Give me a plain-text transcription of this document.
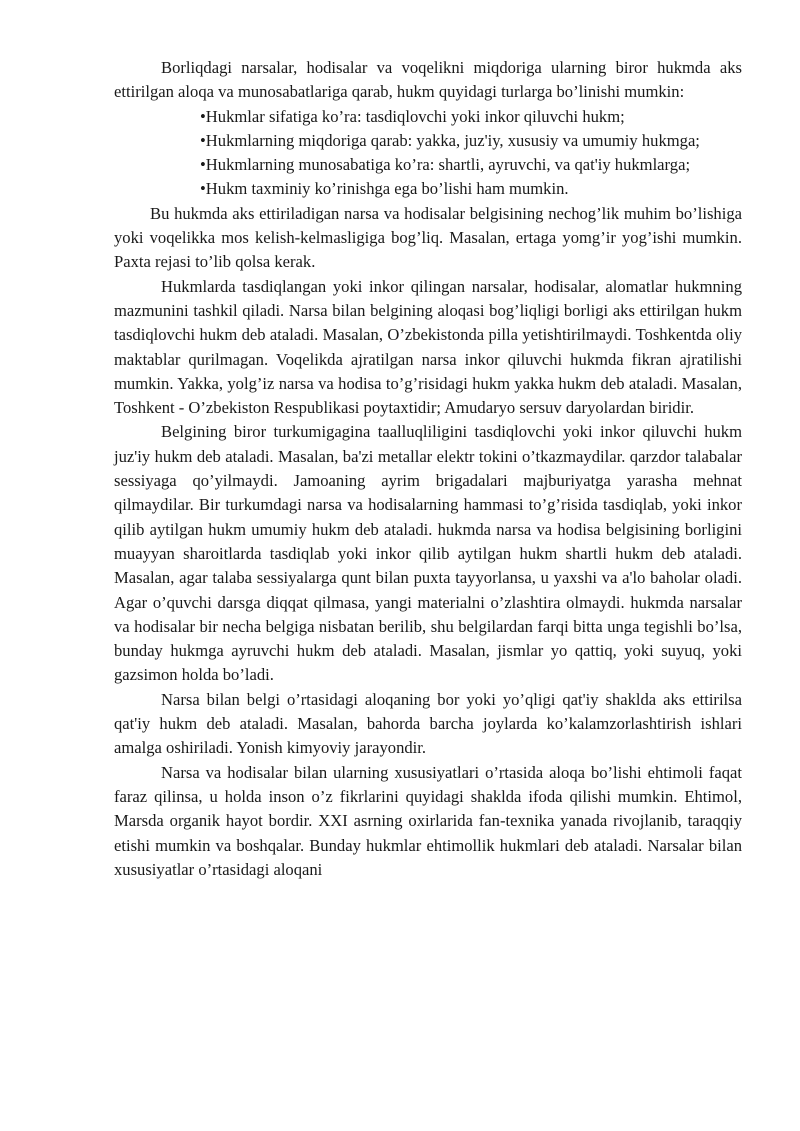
Borliqdagi narsalar, hodisalar va voqelikni miqdoriga ularning biror hukmda aks ettirilgan aloqa va munosabatlariga qarab, hukm quyidagi turlarga bo’linishi mumkin:

•Hukmlar sifatiga ko’ra: tasdiqlovchi yoki inkor qiluvchi hukm;

•Hukmlarning miqdoriga qarab: yakka, juz'iy, xususiy va umumiy hukmga;

•Hukmlarning munosabatiga ko’ra: shartli, ayruvchi, va qat'iy hukmlarga;

•Hukm taxminiy ko’rinishga ega bo’lishi ham mumkin.

Bu hukmda aks ettiriladigan narsa va hodisalar belgisining nechog’lik muhim bo’lishiga yoki voqelikka mos kelish-kelmasligiga bog’liq. Masalan, ertaga yomg’ir yog’ishi mumkin. Paxta rejasi to’lib qolsa kerak.

Hukmlarda tasdiqlangan yoki inkor qilingan narsalar, hodisalar, alomatlar hukmning mazmunini tashkil qiladi. Narsa bilan belgining aloqasi bog’liqligi borligi aks ettirilgan hukm tasdiqlovchi hukm deb ataladi. Masalan, O’zbekistonda pilla yetishtirilmaydi. Toshkentda oliy maktablar qurilmagan. Voqelikda ajratilgan narsa inkor qiluvchi hukmda fikran ajratilishi mumkin. Yakka, yolg’iz narsa va hodisa to’g’risidagi hukm yakka hukm deb ataladi. Masalan, Toshkent - O’zbekiston Respublikasi poytaxtidir; Amudaryo sersuv daryolardan biridir.

Belgining biror turkumigagina taalluqliligini tasdiqlovchi yoki inkor qiluvchi hukm juz'iy hukm deb ataladi. Masalan, ba'zi metallar elektr tokini o’tkazmaydilar. qarzdor talabalar sessiyaga qo’yilmaydi. Jamoaning ayrim brigadalari majburiyatga yarasha mehnat qilmaydilar. Bir turkumdagi narsa va hodisalarning hammasi to’g’risida tasdiqlab, yoki inkor qilib aytilgan hukm umumiy hukm deb ataladi. hukmda narsa va hodisa belgisining borligini muayyan sharoitlarda tasdiqlab yoki inkor qilib aytilgan hukm shartli hukm deb ataladi. Masalan, agar talaba sessiyalarga qunt bilan puxta tayyorlansa, u yaxshi va a'lo baholar oladi. Agar o’quvchi darsga diqqat qilmasa, yangi materialni o’zlashtira olmaydi. hukmda narsalar va hodisalar bir necha belgiga nisbatan berilib, shu belgilardan farqi bitta unga tegishli bo’lsa, bunday hukmga ayruvchi hukm deb ataladi. Masalan, jismlar yo qattiq, yoki suyuq, yoki gazsimon holda bo’ladi.

Narsa bilan belgi o’rtasidagi aloqaning bor yoki yo’qligi qat'iy shaklda aks ettirilsa qat'iy hukm deb ataladi. Masalan, bahorda barcha joylarda ko’kalamzorlashtirish ishlari amalga oshiriladi. Yonish kimyoviy jarayondir.

Narsa va hodisalar bilan ularning xususiyatlari o’rtasida aloqa bo’lishi ehtimoli faqat faraz qilinsa, u holda inson o’z fikrlarini quyidagi shaklda ifoda qilishi mumkin. Ehtimol, Marsda organik hayot bordir. XXI asrning oxirlarida fan-texnika yanada rivojlanib, taraqqiy etishi mumkin va boshqalar. Bunday hukmlar ehtimollik hukmlari deb ataladi. Narsalar bilan xususiyatlar o’rtasidagi aloqani
